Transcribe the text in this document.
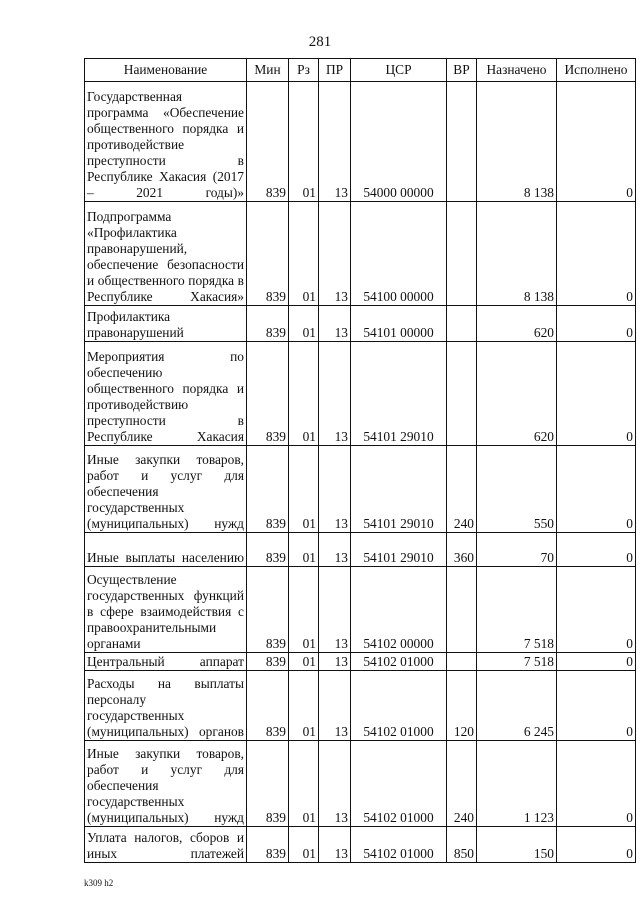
281
Наименование	Мин	Рз	ПР	ЦСР	ВР	Назначено	Исполнено
Государственная программа «Обеспечение общественного порядка и противодействие преступности в Республике Хакасия (2017 – 2021 годы)»	839	01	13	54000 00000		8 138	0
Подпрограмма «Профилактика правонарушений, обеспечение безопасности и общественного порядка в Республике Хакасия»	839	01	13	54100 00000		8 138	0
Профилактика правонарушений	839	01	13	54101 00000		620	0
Мероприятия по обеспечению общественного порядка и противодействию преступности в Республике Хакасия	839	01	13	54101 29010		620	0
Иные закупки товаров, работ и услуг для обеспечения государственных (муниципальных) нужд	839	01	13	54101 29010	240	550	0
Иные выплаты населению	839	01	13	54101 29010	360	70	0
Осуществление государственных функций в сфере взаимодействия с правоохранительными органами	839	01	13	54102 00000		7 518	0
Центральный аппарат	839	01	13	54102 01000		7 518	0
Расходы на выплаты персоналу государственных (муниципальных) органов	839	01	13	54102 01000	120	6 245	0
Иные закупки товаров, работ и услуг для обеспечения государственных (муниципальных) нужд	839	01	13	54102 01000	240	1 123	0
Уплата налогов, сборов и иных платежей	839	01	13	54102 01000	850	150	0
k309 h2
